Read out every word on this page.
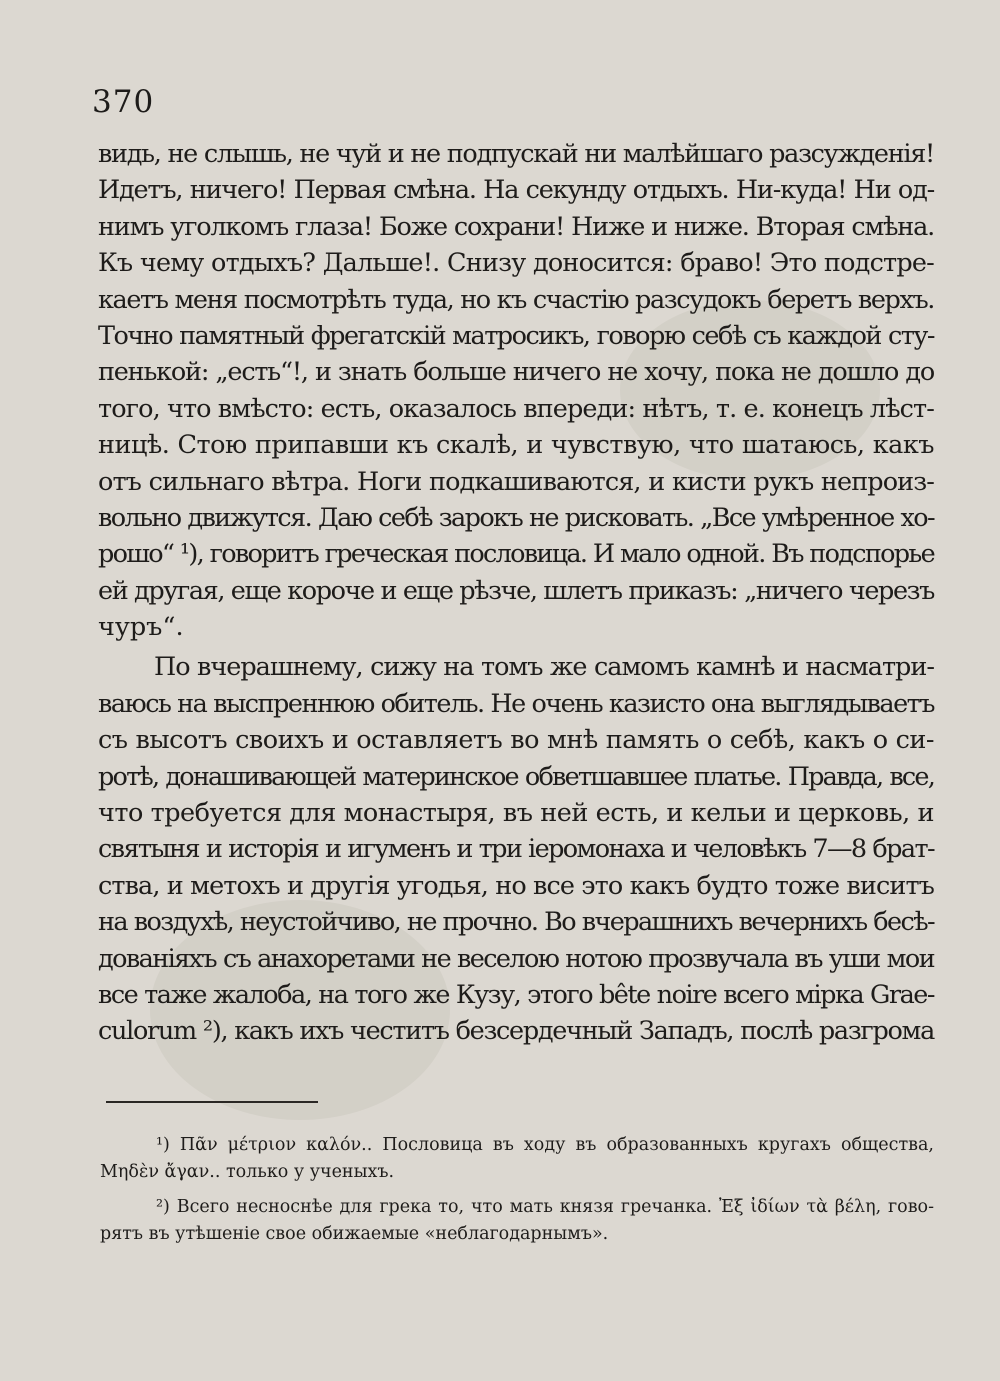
370
видь, не слышь, не чуй и не подпускай ни малѣйшаго разсужденія!
Идетъ, ничего! Первая смѣна. На секунду отдыхъ. Ни-куда! Ни од-
нимъ уголкомъ глаза! Боже сохрани! Ниже и ниже. Вторая смѣна.
Къ чему отдыхъ? Дальше!. Снизу доносится: браво! Это подстре-
каетъ меня посмотрѣть туда, но къ счастію разсудокъ беретъ верхъ.
Точно памятный фрегатскій матросикъ, говорю себѣ съ каждой сту-
пенькой: „есть“!, и знать больше ничего не хочу, пока не дошло до
того, что вмѣсто: есть, оказалось впереди: нѣтъ, т. е. конецъ лѣст-
ницѣ. Стою припавши къ скалѣ, и чувствую, что шатаюсь, какъ
отъ сильнаго вѣтра. Ноги подкашиваются, и кисти рукъ непроиз-
вольно движутся. Даю себѣ зарокъ не рисковать. „Все умѣренное хо-
рошо“ ¹), говоритъ греческая пословица. И мало одной. Въ подспорье
ей другая, еще короче и еще рѣзче, шлетъ приказъ: „ничего черезъ
чуръ“.
По вчерашнему, сижу на томъ же самомъ камнѣ и насматри-
ваюсь на выспреннюю обитель. Не очень казисто она выглядываетъ
съ высотъ своихъ и оставляетъ во мнѣ память о себѣ, какъ о си-
ротѣ, донашивающей материнское обветшавшее платье. Правда, все,
что требуется для монастыря, въ ней есть, и кельи и церковь, и
святыня и исторія и игуменъ и три іеромонаха и человѣкъ 7—8 брат-
ства, и метохъ и другія угодья, но все это какъ будто тоже виситъ
на воздухѣ, неустойчиво, не прочно. Во вчерашнихъ вечернихъ бесѣ-
дованіяхъ съ анахоретами не веселою нотою прозвучала въ уши мои
все таже жалоба, на того же Кузу, этого bête noire всего мірка Grae-
culorum ²), какъ ихъ честитъ безсердечный Западъ, послѣ разгрома
¹) Πᾶν μέτριον καλόν.. Пословица въ ходу въ образованныхъ кругахъ общества,
Μηδὲν ἄγαν.. только у ученыхъ.
²) Всего несноснѣе для грека то, что мать князя гречанка. Ἐξ ἰδίων τὰ βέλη, гово-
рятъ въ утѣшеніе свое обижаемые «неблагодарнымъ».
